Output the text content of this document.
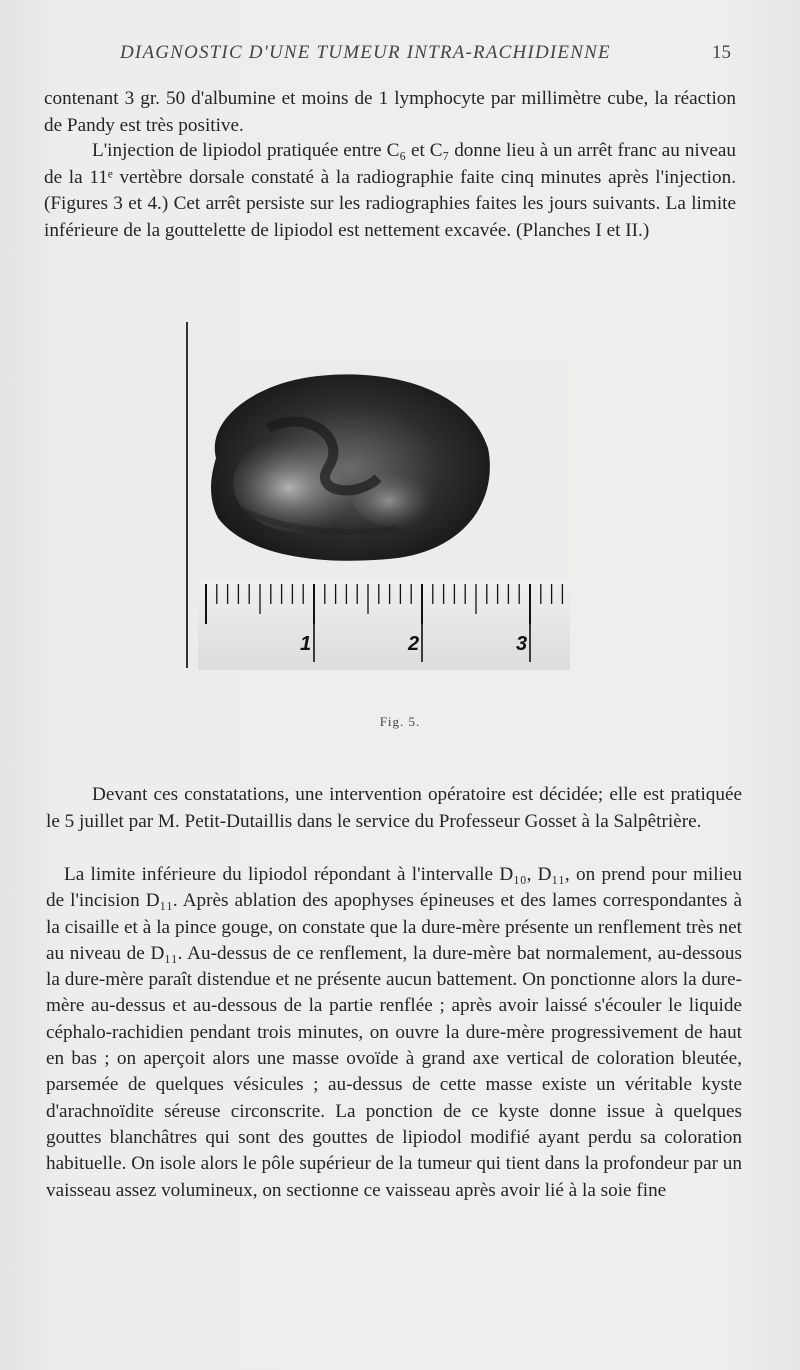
DIAGNOSTIC D'UNE TUMEUR INTRA-RACHIDIENNE	15

contenant 3 gr. 50 d'albumine et moins de 1 lymphocyte par millimètre cube, la réaction de Pandy est très positive.

L'injection de lipiodol pratiquée entre C₆ et C₇ donne lieu à un arrêt franc au niveau de la 11ᵉ vertèbre dorsale constaté à la radiographie faite cinq minutes après l'injection. (Figures 3 et 4.) Cet arrêt persiste sur les radiographies faites les jours suivants. La limite inférieure de la gouttelette de lipiodol est nettement excavée. (Planches I et II.)

1	2	3
Fig. 5.

Devant ces constatations, une intervention opératoire est décidée; elle est pratiquée le 5 juillet par M. Petit-Dutaillis dans le service du Professeur Gosset à la Salpêtrière.

La limite inférieure du lipiodol répondant à l'intervalle D₁₀, D₁₁, on prend pour milieu de l'incision D₁₁. Après ablation des apophyses épineuses et des lames correspondantes à la cisaille et à la pince gouge, on constate que la dure-mère présente un renflement très net au niveau de D₁₁. Au-dessus de ce renflement, la dure-mère bat normalement, au-dessous la dure-mère paraît distendue et ne présente aucun battement. On ponctionne alors la dure-mère au-dessus et au-dessous de la partie renflée ; après avoir laissé s'écouler le liquide céphalo-rachidien pendant trois minutes, on ouvre la dure-mère progressivement de haut en bas ; on aperçoit alors une masse ovoïde à grand axe vertical de coloration bleutée, parsemée de quelques vésicules ; au-dessus de cette masse existe un véritable kyste d'arachnoïdite séreuse circonscrite. La ponction de ce kyste donne issue à quelques gouttes blanchâtres qui sont des gouttes de lipiodol modifié ayant perdu sa coloration habituelle. On isole alors le pôle supérieur de la tumeur qui tient dans la profondeur par un vaisseau assez volumineux, on sectionne ce vaisseau après avoir lié à la soie fine
